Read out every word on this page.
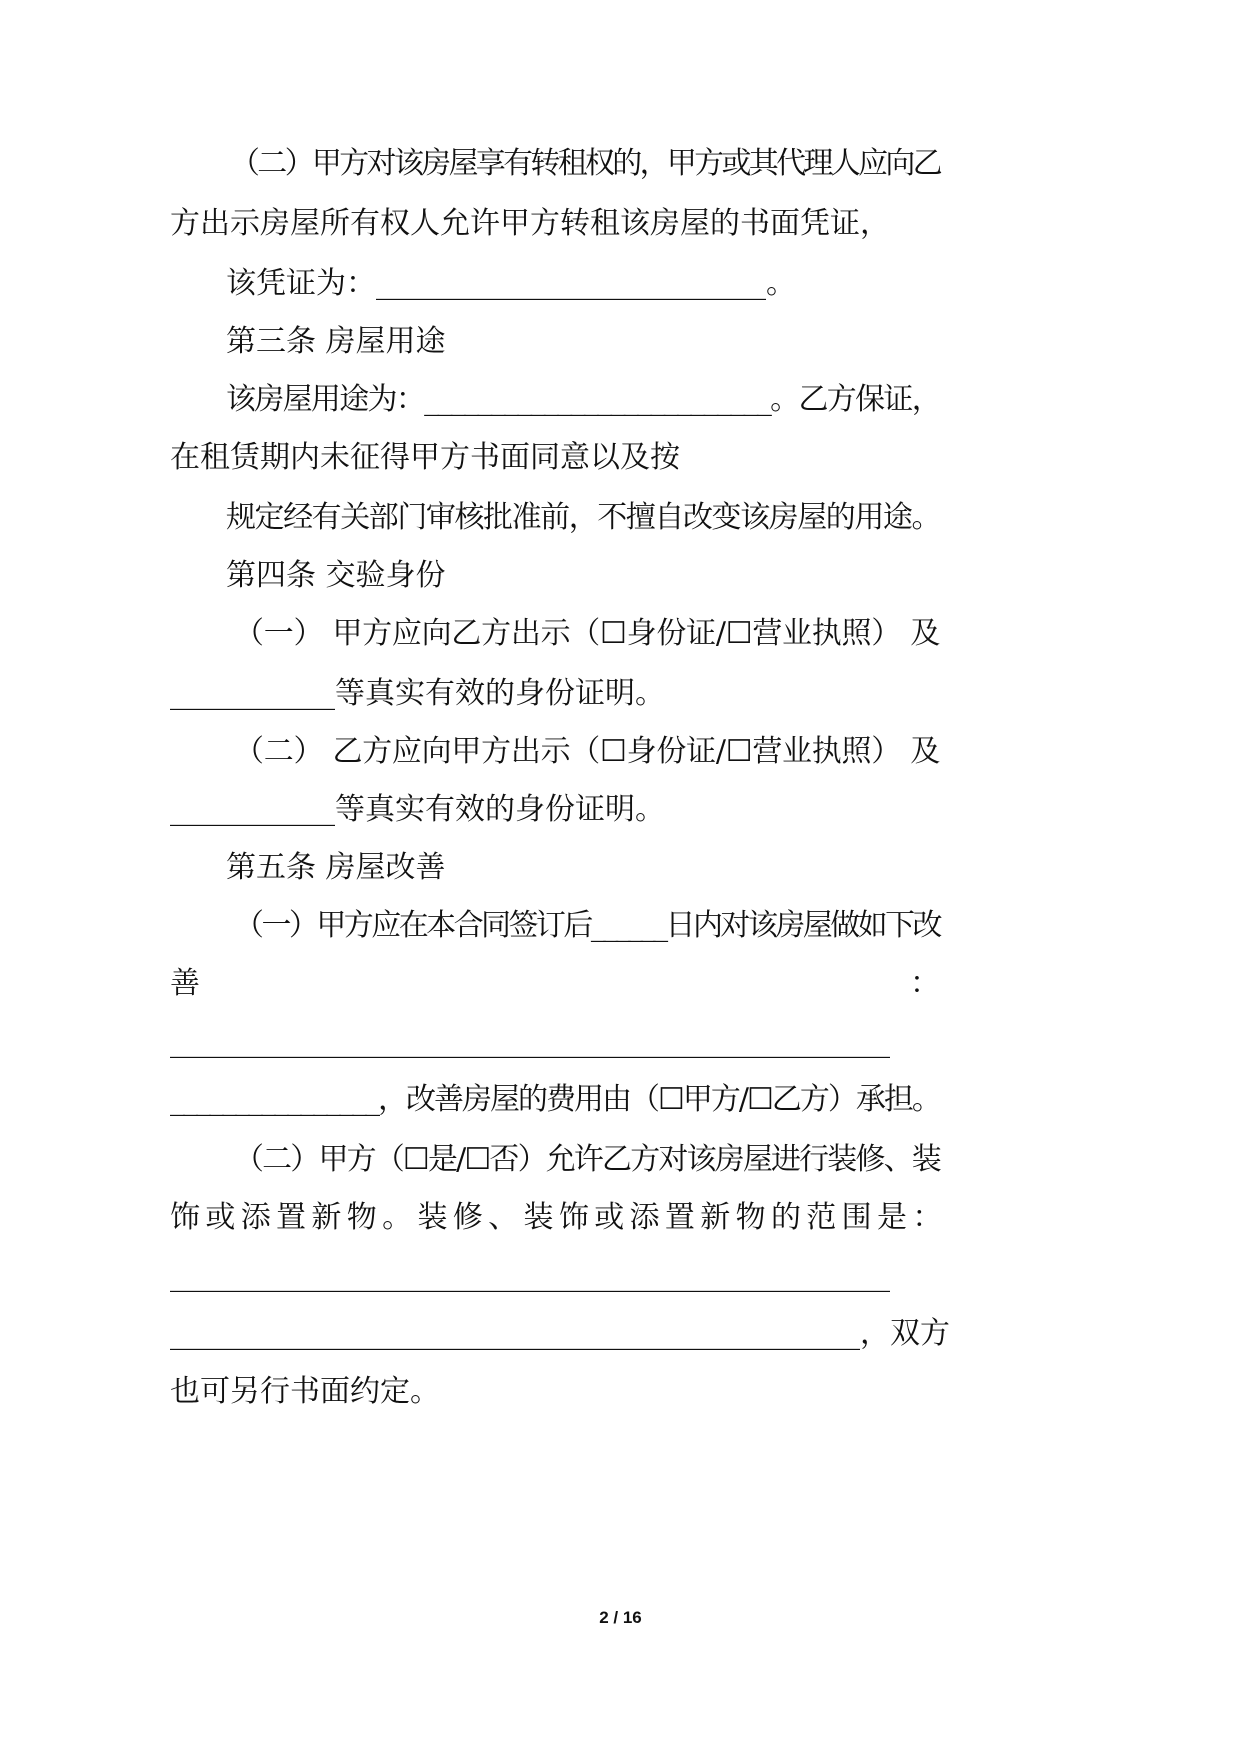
（二）甲方对该房屋享有转租权的，甲方或其代理人应向乙
方出示房屋所有权人允许甲方转租该房屋的书面凭证，
该凭证为：__________________________。
第三条 房屋用途
该房屋用途为：__________________________。乙方保证，
在租赁期内未征得甲方书面同意以及按
规定经有关部门审核批准前，不擅自改变该房屋的用途。
第四条 交验身份
（一） 甲方应向乙方出示（☐身份证/☐营业执照） 及
___________等真实有效的身份证明。
（二） 乙方应向甲方出示（☐身份证/☐营业执照） 及
___________等真实有效的身份证明。
第五条 房屋改善
（一）甲方应在本合同签订后______日内对该房屋做如下改
善	：
________________________________________________
________________，改善房屋的费用由（☐甲方/☐乙方）承担。
（二）甲方（☐是/☐否）允许乙方对该房屋进行装修、装
饰 或 添 置 新 物 。 装 修 、 装 饰 或 添 置 新 物 的 范 围 是 ：
________________________________________________
______________________________________________， 双方
也可另行书面约定。
2 / 16
